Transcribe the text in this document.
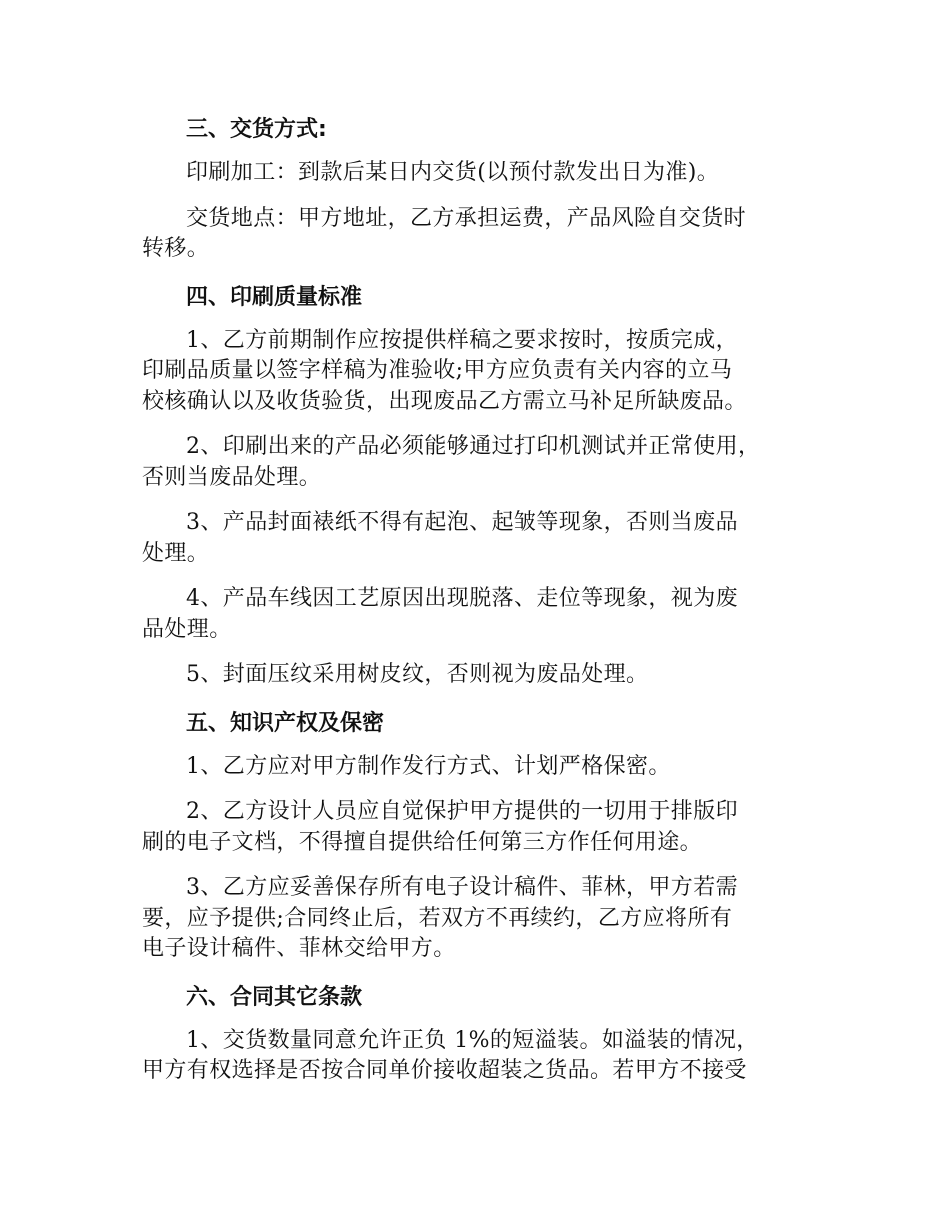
三、交货方式:
印刷加工：到款后某日内交货(以预付款发出日为准)。
交货地点：甲方地址，乙方承担运费，产品风险自交货时
转移。
四、印刷质量标准
1、乙方前期制作应按提供样稿之要求按时，按质完成，
印刷品质量以签字样稿为准验收;甲方应负责有关内容的立马
校核确认以及收货验货，出现废品乙方需立马补足所缺废品。
2、印刷出来的产品必须能够通过打印机测试并正常使用，
否则当废品处理。
3、产品封面裱纸不得有起泡、起皱等现象，否则当废品
处理。
4、产品车线因工艺原因出现脱落、走位等现象，视为废
品处理。
5、封面压纹采用树皮纹，否则视为废品处理。
五、知识产权及保密
1、乙方应对甲方制作发行方式、计划严格保密。
2、乙方设计人员应自觉保护甲方提供的一切用于排版印
刷的电子文档，不得擅自提供给任何第三方作任何用途。
3、乙方应妥善保存所有电子设计稿件、菲林，甲方若需
要，应予提供;合同终止后，若双方不再续约，乙方应将所有
电子设计稿件、菲林交给甲方。
六、合同其它条款
1、交货数量同意允许正负 1%的短溢装。如溢装的情况，
甲方有权选择是否按合同单价接收超装之货品。若甲方不接受
